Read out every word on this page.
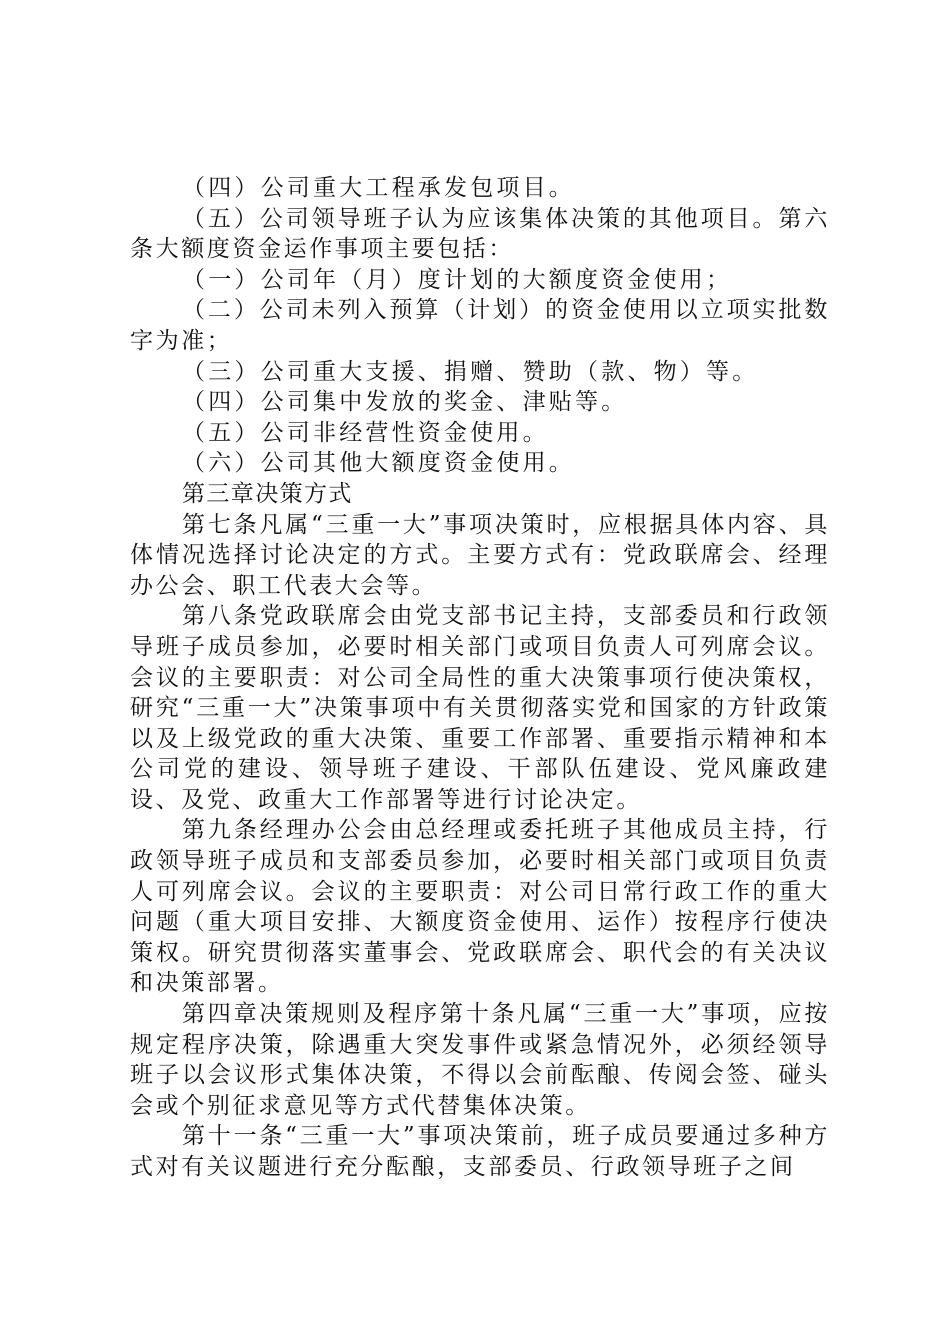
（四）公司重大工程承发包项目。

（五）公司领导班子认为应该集体决策的其他项目。第六条大额度资金运作事项主要包括：

（一）公司年（月）度计划的大额度资金使用；

（二）公司未列入预算（计划）的资金使用以立项实批数字为准；

（三）公司重大支援、捐赠、赞助（款、物）等。

（四）公司集中发放的奖金、津贴等。

（五）公司非经营性资金使用。

（六）公司其他大额度资金使用。

第三章决策方式

第七条凡属“三重一大”事项决策时，应根据具体内容、具体情况选择讨论决定的方式。主要方式有：党政联席会、经理办公会、职工代表大会等。

第八条党政联席会由党支部书记主持，支部委员和行政领导班子成员参加，必要时相关部门或项目负责人可列席会议。会议的主要职责：对公司全局性的重大决策事项行使决策权，研究“三重一大”决策事项中有关贯彻落实党和国家的方针政策以及上级党政的重大决策、重要工作部署、重要指示精神和本公司党的建设、领导班子建设、干部队伍建设、党风廉政建设、及党、政重大工作部署等进行讨论决定。

第九条经理办公会由总经理或委托班子其他成员主持，行政领导班子成员和支部委员参加，必要时相关部门或项目负责人可列席会议。会议的主要职责：对公司日常行政工作的重大问题（重大项目安排、大额度资金使用、运作）按程序行使决策权。研究贯彻落实董事会、党政联席会、职代会的有关决议和决策部署。

第四章决策规则及程序第十条凡属“三重一大”事项，应按规定程序决策，除遇重大突发事件或紧急情况外，必须经领导班子以会议形式集体决策，不得以会前酝酿、传阅会签、碰头会或个别征求意见等方式代替集体决策。

第十一条“三重一大”事项决策前，班子成员要通过多种方式对有关议题进行充分酝酿，支部委员、行政领导班子之间
